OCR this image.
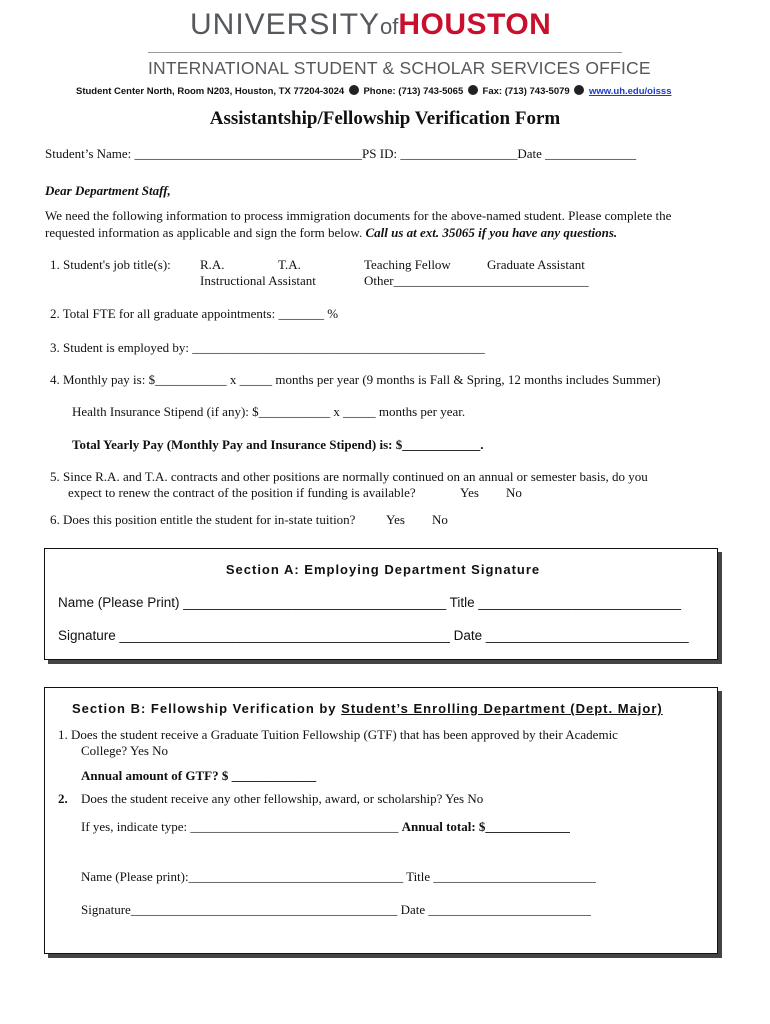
UNIVERSITYofHOUSTON
INTERNATIONAL STUDENT & SCHOLAR SERVICES OFFICE
Student Center North, Room N203, Houston, TX 77204-3024 Phone: (713) 743-5065 Fax: (713) 743-5079 www.uh.edu/oisss
Assistantship/Fellowship Verification Form
Student’s Name: ___________________________________PS ID: __________________Date ______________
Dear Department Staff,
We need the following information to process immigration documents for the above-named student. Please complete the
requested information as applicable and sign the form below. Call us at ext. 35065 if you have any questions.
1. Student's job title(s): R.A.	T.A.	Teaching Fellow	Graduate Assistant
Instructional Assistant	Other______________________________
2. Total FTE for all graduate appointments: _______ %
3. Student is employed by: _____________________________________________
4. Monthly pay is: $___________ x _____ months per year (9 months is Fall & Spring, 12 months includes Summer)
Health Insurance Stipend (if any): $___________ x _____ months per year.
Total Yearly Pay (Monthly Pay and Insurance Stipend) is: $____________.
5. Since R.A. and T.A. contracts and other positions are normally continued on an annual or semester basis, do you
expect to renew the contract of the position if funding is available?	Yes No
6. Does this position entitle the student for in-state tuition? Yes No
Section A: Employing Department Signature
Name (Please Print) ___________________________________ Title ___________________________
Signature ____________________________________________ Date ___________________________
Section B: Fellowship Verification by Student’s Enrolling Department (Dept. Major)
1. Does the student receive a Graduate Tuition Fellowship (GTF) that has been approved by their Academic
College? Yes No
Annual amount of GTF? $ _____________
2. Does the student receive any other fellowship, award, or scholarship? Yes No
If yes, indicate type: ________________________________ Annual total: $_____________
Name (Please print):_________________________________ Title _________________________
Signature_________________________________________ Date _________________________
